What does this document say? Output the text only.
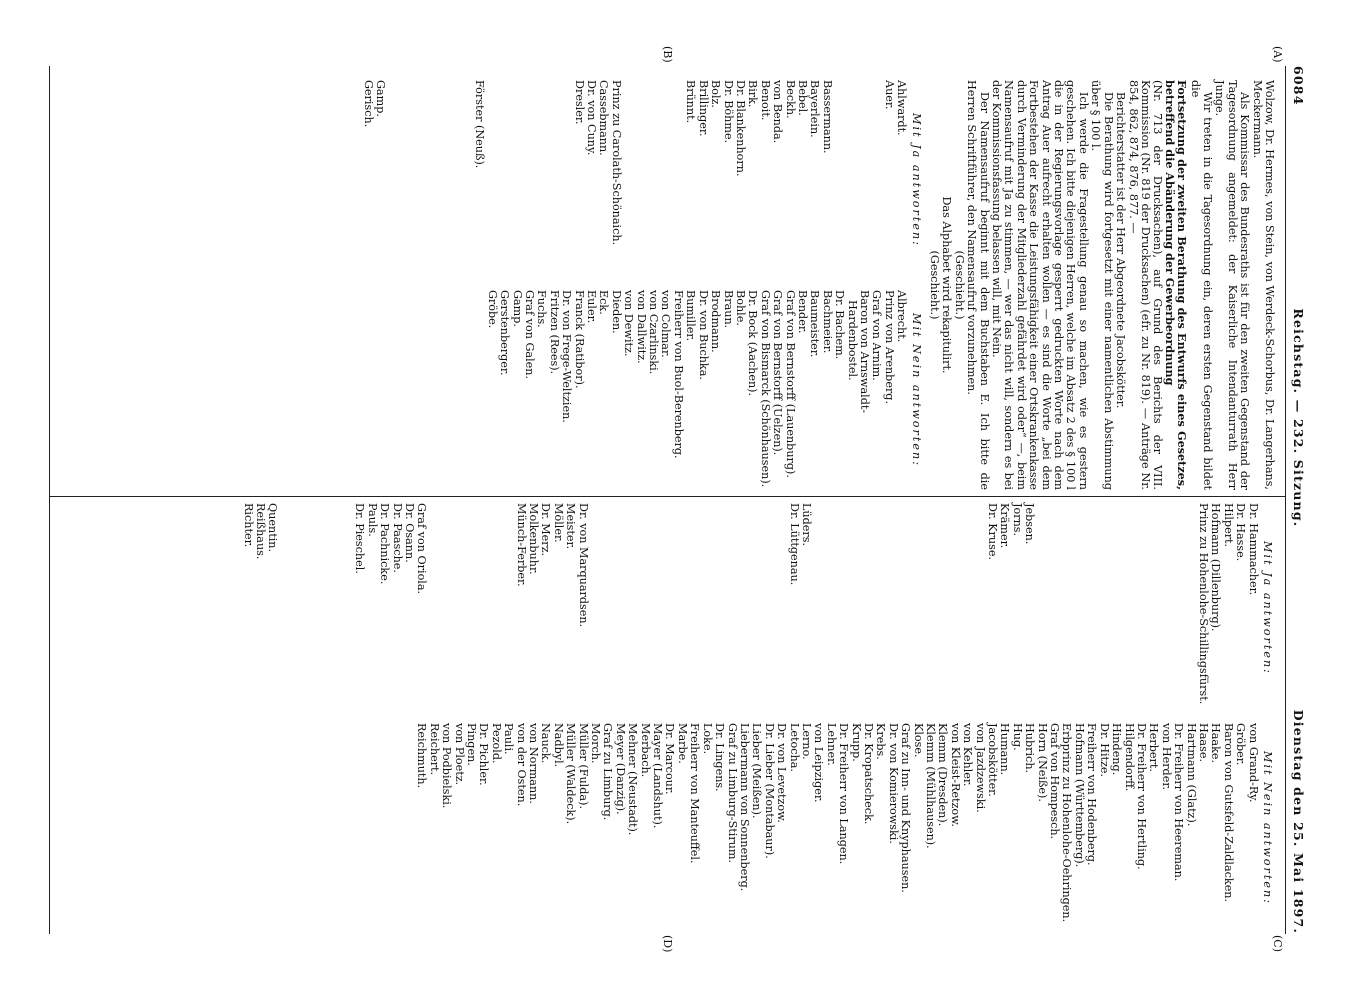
6084
Reichstag. — 232. Sitzung.
Dienstag den 25. Mai 1897.
(A)
(B)
(C)
(D)

Wolzow, Dr. Hermes, von Stein, von Werdeck-Schorbus, Dr. Langerhans, Meckermann.

Als Kommissar des Bundesraths ist für den zweiten Gegenstand der Tagesordnung angemeldet: der Kaiserliche Intendanturrath Herr Junge.

Wir treten in die Tagesordnung ein, deren ersten Gegenstand bildet die

Fortsetzung der zweiten Berathung des Entwurfs eines Gesetzes, betreffend die Abänderung der Gewerbeordnung

(Nr. 713 der Drucksachen), auf Grund des Berichts der VIII. Kommission (Nr. 819 der Drucksachen) (efr. zu Nr. 819). — Anträge Nr. 854, 862, 874, 876, 877. —

Berichterstatter ist der Herr Abgeordnete Jacobskötter.

Die Berathung wird fortgesetzt mit einer namentlichen Abstimmung über § 100 l.

Ich werde die Fragestellung genau so machen, wie es gestern geschehen. Ich bitte diejenigen Herren, welche im Absatz 2 des § 100 l die in der Regierungsvorlage gesperrt gedruckten Worte nach dem Antrag Auer aufrecht erhalten wollen — es sind die Worte „bei dem Fortbestehen der Kasse die Leistungsfähigkeit einer Ortskrankenkasse durch Verminderung der Mitgliederzahl gefährdet wird oder“ —, beim Namensaufruf mit Ja zu stimmen, — wer das nicht will, sondern es bei der Kommissionsfassung belassen will, mit Nein.

Der Namensaufruf beginnt mit dem Buchstaben E. Ich bitte die Herren Schriftführer, den Namensaufruf vorzunehmen.

(Geschieht.)

Das Alphabet wird rekapitulirt.

(Geschieht.)

Mit Ja antworten:

Ahlwardt.
Auer.

Bassermann.
Bayerlein.
Bebel.
Beckh.
von Benda.
Benoit.
Birk.
Dr. Blankenhorn.
Dr. Böhme.
Bolz.
Brillinger.
Brünnt.

Prinz zu Carolath-Schönaich.
Cassebmann.
Dr. von Cuny.
Dresler.

Förster (Neuß).

Gamp.
Gerisch.

Mit Nein antworten:

Albrecht.
Prinz von Arenberg.
Graf von Arnim.
Baron von Arnswaldt-Hardenbostel.
Dr. Bachem.
Bachmeier.
Baumeister.
Bender.
Graf von Bernstorff (Lauenburg).
Graf von Bernstorff (Uelzen).
Graf von Bismarck (Schönhausen).
Dr. Bock (Aachen).
Bohle.
Braun.
Brodmann.
Dr. von Buchka.
Bumiller.
Freiherr von Buol-Berenberg.
von Colmar.
von Czarlinski.
von Dallwitz.
von Dewitz.
Dieden.
Eck.
Euler.
Franck (Ratibor).
Dr. von Frege-Weltzien.
Fritzen (Rees).
Fuchs.
Graf von Galen.
Gamp.
Gerstenberger.
Gröbe.

Mit Ja antworten:

Dr. Hammacher.
Dr. Hasse.
Hilpert.
Hofmann (Dillenburg).
Prinz zu Hohenlohe-Schillingsfürst.

Jebsen.
Jorns.
Krämer.
Dr. Kruse.

Lüders.
Dr. Lüttgenau.

Dr. von Marquardsen.
Meister.
Möller.
Dr. Merz.
Molkenbuhr.
Münch-Ferber.

Graf von Oriola.
Dr. Osann.
Dr. Paasche.
Dr. Pachnicke.
Pauls.
Dr. Pieschel.

Quentin.
Reißhaus.
Richter.

Mit Nein antworten:

von Grand-Ry.
Gröber.
Baron von Gutsfeld-Zaldlacken.
Haake.
Haase.
Hartmann (Glatz).
Dr. Freiherr von Heereman.
von Herder.
Herbert.
Dr. Freiherr von Hertling.
Hilgendorff.
Hindeng.
Dr. Hitze.
Freiherr von Hodenberg.
Hofmann (Württemberg).
Erbprinz zu Hohenlohe-Oehringen.
Graf von Hompesch.
Horn (Neiße).
Hubrich.
Hug.
Humann.
Jacobskötter.
von Jazdzewski.
von Kehler.
von Kleist-Retzow.
Klemm (Dresden).
Klemm (Mühlhausen).
Klose.
Graf zu Inn- und Knyphausen.
Dr. von Komierowski.
Krebs.
Dr. Kropatscheck.
Krupp.
Dr. Freiherr von Langen.
Lehner.
von Leipziger.
Lerno.
Letocha.
Dr. von Levetzow.
Dr. Lieber (Montabaur).
Lieber (Meißen).
Liebermann von Sonnenberg.
Graf zu Limburg-Stirum.
Dr. Lingens.
Loke.
Freiherr von Manteuffel.
Marbe.
Dr. Marcour.
Mayer (Landshut).
Merbach.
Mehner (Neustadt).
Meyer (Danzig).
Graf zu Limburg.
Morch.
Müller (Fulda).
Müller (Waldeck).
Nadbyl.
Nauck.
von Normann.
von der Osten.
Pauli.
Pezold.
Dr. Pichler.
Pingen.
von Ploetz.
von Podbielski.
Reichert.
Reichmuth.
